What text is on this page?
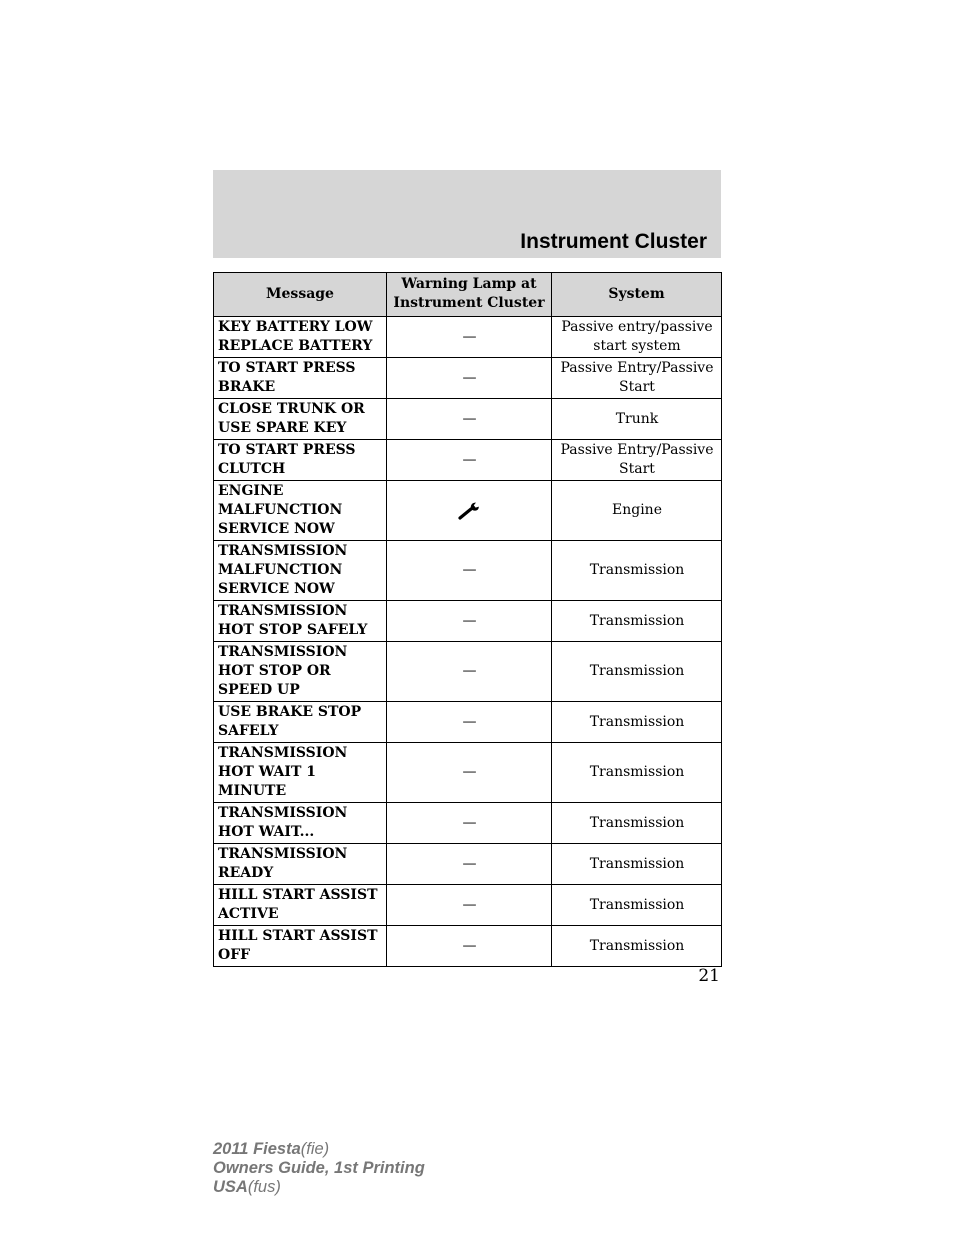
Instrument Cluster
Message	Warning Lamp at Instrument Cluster	System
KEY BATTERY LOW REPLACE BATTERY	—	Passive entry/passive start system
TO START PRESS BRAKE	—	Passive Entry/Passive Start
CLOSE TRUNK OR USE SPARE KEY	—	Trunk
TO START PRESS CLUTCH	—	Passive Entry/Passive Start
ENGINE MALFUNCTION SERVICE NOW		Engine
TRANSMISSION MALFUNCTION SERVICE NOW	—	Transmission
TRANSMISSION HOT STOP SAFELY	—	Transmission
TRANSMISSION HOT STOP OR SPEED UP	—	Transmission
USE BRAKE STOP SAFELY	—	Transmission
TRANSMISSION HOT WAIT 1 MINUTE	—	Transmission
TRANSMISSION HOT WAIT...	—	Transmission
TRANSMISSION READY	—	Transmission
HILL START ASSIST ACTIVE	—	Transmission
HILL START ASSIST OFF	—	Transmission
21
2011 Fiesta(fie)
Owners Guide, 1st Printing
USA(fus)
